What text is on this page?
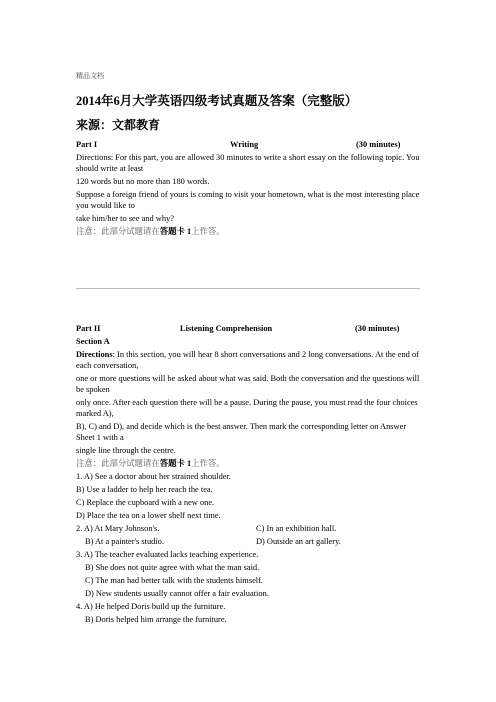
精品文档
2014年6月大学英语四级考试真题及答案（完整版）
来源：文都教育
Part I	Writing	(30 minutes)
Directions: For this part, you are allowed 30 minutes to write a short essay on the following topic. You
should write at least
120 words but no more than 180 words.
Suppose a foreign friend of yours is coming to visit your hometown, what is the most interesting place
you would like to
take him/her to see and why?
注意：此部分试题请在答题卡 1上作答。
Part II	Listening Comprehension	(30 minutes)
Section A
Directions: In this section, you will hear 8 short conversations and 2 long conversations. At the end of
each conversation,
one or more questions will be asked about what was said. Both the conversation and the questions will
be spoken
only once. After each question there will be a pause. During the pause, you must read the four choices
marked A),
B), C) and D), and decide which is the best answer. Then mark the corresponding letter on Answer
Sheet 1 with a
single line through the centre.
注意：此部分试题请在答题卡 1上作答。
1. A) See a doctor about her strained shoulder.
B) Use a ladder to help her reach the tea.
C) Replace the cupboard with a new one.
D) Place the tea on a lower shelf next time.
2. A) At Mary Johnson's.	C) In an exhibition hall.
B) At a painter's studio.	D) Outside an art gallery.
3. A) The teacher evaluated lacks teaching experience.
B) She does not quite agree with what the man said.
C) The man had better talk with the students himself.
D) New students usually cannot offer a fair evaluation.
4. A) He helped Doris build up the furniture.
B) Doris helped him arrange the furniture.
